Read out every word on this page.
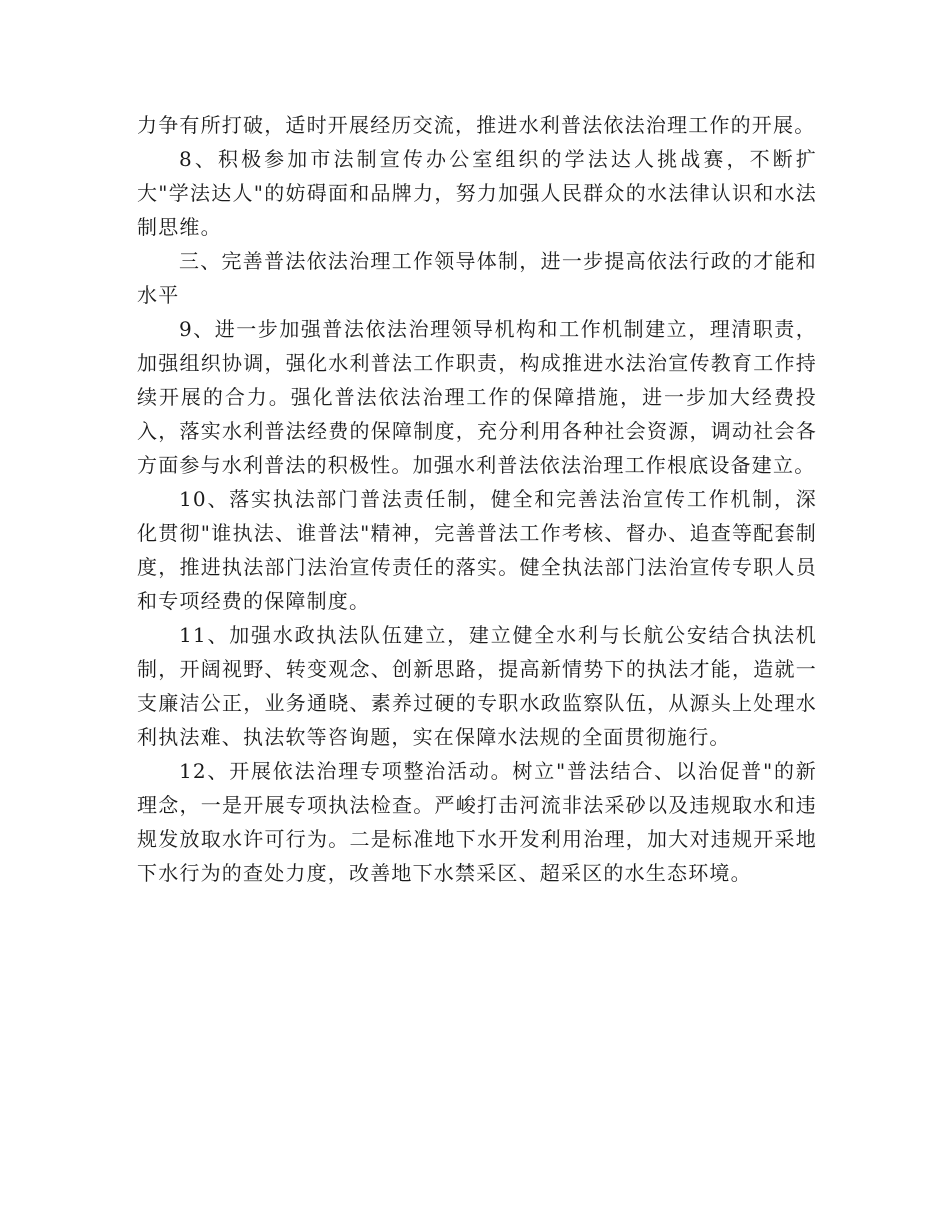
力争有所打破，适时开展经历交流，推进水利普法依法治理工作的开展。

8、积极参加市法制宣传办公室组织的学法达人挑战赛，不断扩大"学法达人"的妨碍面和品牌力，努力加强人民群众的水法律认识和水法制思维。

三、完善普法依法治理工作领导体制，进一步提高依法行政的才能和水平

9、进一步加强普法依法治理领导机构和工作机制建立，理清职责，加强组织协调，强化水利普法工作职责，构成推进水法治宣传教育工作持续开展的合力。强化普法依法治理工作的保障措施，进一步加大经费投入，落实水利普法经费的保障制度，充分利用各种社会资源，调动社会各方面参与水利普法的积极性。加强水利普法依法治理工作根底设备建立。

10、落实执法部门普法责任制，健全和完善法治宣传工作机制，深化贯彻"谁执法、谁普法"精神，完善普法工作考核、督办、追查等配套制度，推进执法部门法治宣传责任的落实。健全执法部门法治宣传专职人员和专项经费的保障制度。

11、加强水政执法队伍建立，建立健全水利与长航公安结合执法机制，开阔视野、转变观念、创新思路，提高新情势下的执法才能，造就一支廉洁公正，业务通晓、素养过硬的专职水政监察队伍，从源头上处理水利执法难、执法软等咨询题，实在保障水法规的全面贯彻施行。

12、开展依法治理专项整治活动。树立"普法结合、以治促普"的新理念，一是开展专项执法检查。严峻打击河流非法采砂以及违规取水和违规发放取水许可行为。二是标准地下水开发利用治理，加大对违规开采地下水行为的查处力度，改善地下水禁采区、超采区的水生态环境。
